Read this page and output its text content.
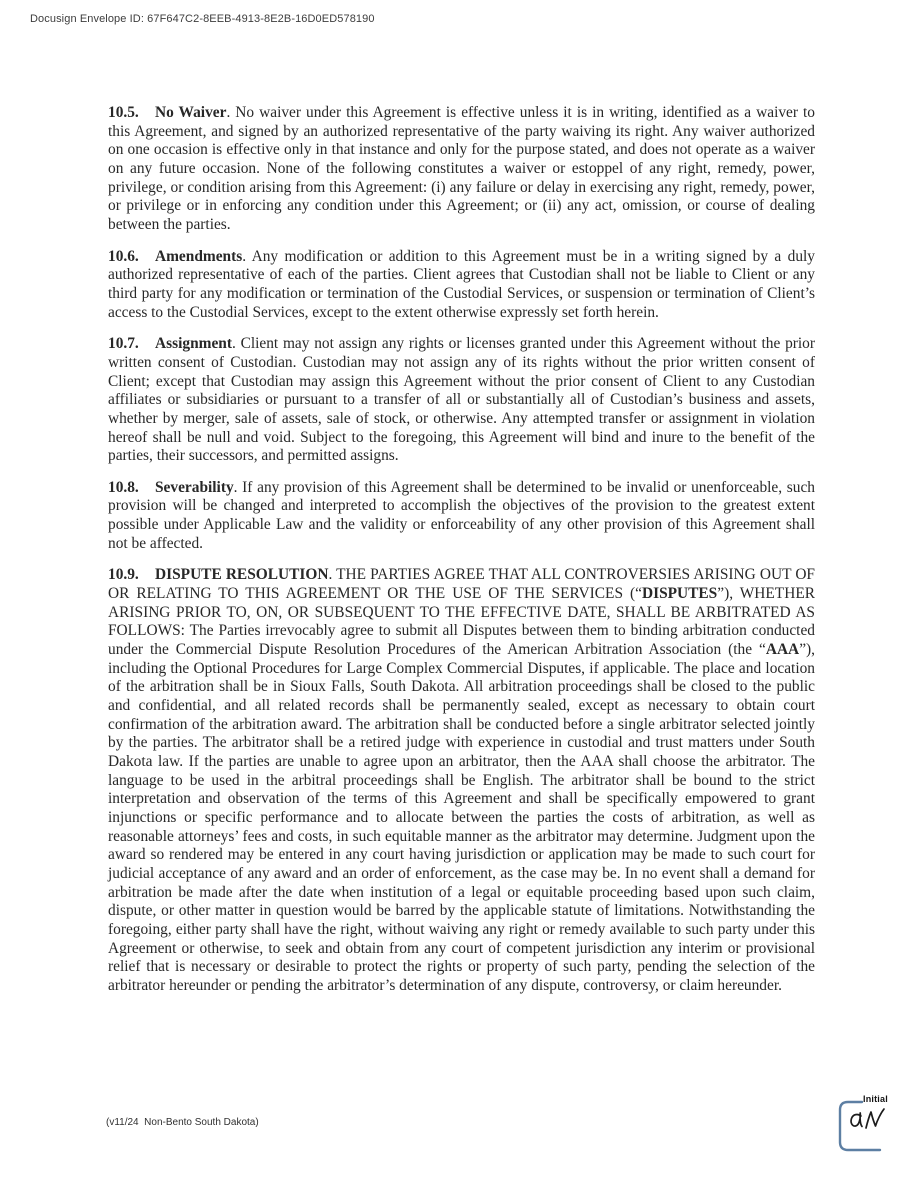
Docusign Envelope ID: 67F647C2-8EEB-4913-8E2B-16D0ED578190

10.5. No Waiver. No waiver under this Agreement is effective unless it is in writing, identified as a waiver to this Agreement, and signed by an authorized representative of the party waiving its right. Any waiver authorized on one occasion is effective only in that instance and only for the purpose stated, and does not operate as a waiver on any future occasion. None of the following constitutes a waiver or estoppel of any right, remedy, power, privilege, or condition arising from this Agreement: (i) any failure or delay in exercising any right, remedy, power, or privilege or in enforcing any condition under this Agreement; or (ii) any act, omission, or course of dealing between the parties.

10.6. Amendments. Any modification or addition to this Agreement must be in a writing signed by a duly authorized representative of each of the parties. Client agrees that Custodian shall not be liable to Client or any third party for any modification or termination of the Custodial Services, or suspension or termination of Client’s access to the Custodial Services, except to the extent otherwise expressly set forth herein.

10.7. Assignment. Client may not assign any rights or licenses granted under this Agreement without the prior written consent of Custodian. Custodian may not assign any of its rights without the prior written consent of Client; except that Custodian may assign this Agreement without the prior consent of Client to any Custodian affiliates or subsidiaries or pursuant to a transfer of all or substantially all of Custodian’s business and assets, whether by merger, sale of assets, sale of stock, or otherwise. Any attempted transfer or assignment in violation hereof shall be null and void. Subject to the foregoing, this Agreement will bind and inure to the benefit of the parties, their successors, and permitted assigns.

10.8. Severability. If any provision of this Agreement shall be determined to be invalid or unenforceable, such provision will be changed and interpreted to accomplish the objectives of the provision to the greatest extent possible under Applicable Law and the validity or enforceability of any other provision of this Agreement shall not be affected.

10.9. DISPUTE RESOLUTION. THE PARTIES AGREE THAT ALL CONTROVERSIES ARISING OUT OF OR RELATING TO THIS AGREEMENT OR THE USE OF THE SERVICES (“DISPUTES”), WHETHER ARISING PRIOR TO, ON, OR SUBSEQUENT TO THE EFFECTIVE DATE, SHALL BE ARBITRATED AS FOLLOWS: The Parties irrevocably agree to submit all Disputes between them to binding arbitration conducted under the Commercial Dispute Resolution Procedures of the American Arbitration Association (the “AAA”), including the Optional Procedures for Large Complex Commercial Disputes, if applicable. The place and location of the arbitration shall be in Sioux Falls, South Dakota. All arbitration proceedings shall be closed to the public and confidential, and all related records shall be permanently sealed, except as necessary to obtain court confirmation of the arbitration award. The arbitration shall be conducted before a single arbitrator selected jointly by the parties. The arbitrator shall be a retired judge with experience in custodial and trust matters under South Dakota law. If the parties are unable to agree upon an arbitrator, then the AAA shall choose the arbitrator. The language to be used in the arbitral proceedings shall be English. The arbitrator shall be bound to the strict interpretation and observation of the terms of this Agreement and shall be specifically empowered to grant injunctions or specific performance and to allocate between the parties the costs of arbitration, as well as reasonable attorneys’ fees and costs, in such equitable manner as the arbitrator may determine. Judgment upon the award so rendered may be entered in any court having jurisdiction or application may be made to such court for judicial acceptance of any award and an order of enforcement, as the case may be. In no event shall a demand for arbitration be made after the date when institution of a legal or equitable proceeding based upon such claim, dispute, or other matter in question would be barred by the applicable statute of limitations. Notwithstanding the foregoing, either party shall have the right, without waiving any right or remedy available to such party under this Agreement or otherwise, to seek and obtain from any court of competent jurisdiction any interim or provisional relief that is necessary or desirable to protect the rights or property of such party, pending the selection of the arbitrator hereunder or pending the arbitrator’s determination of any dispute, controversy, or claim hereunder.

(v11/24  Non-Bento South Dakota)
Initial
